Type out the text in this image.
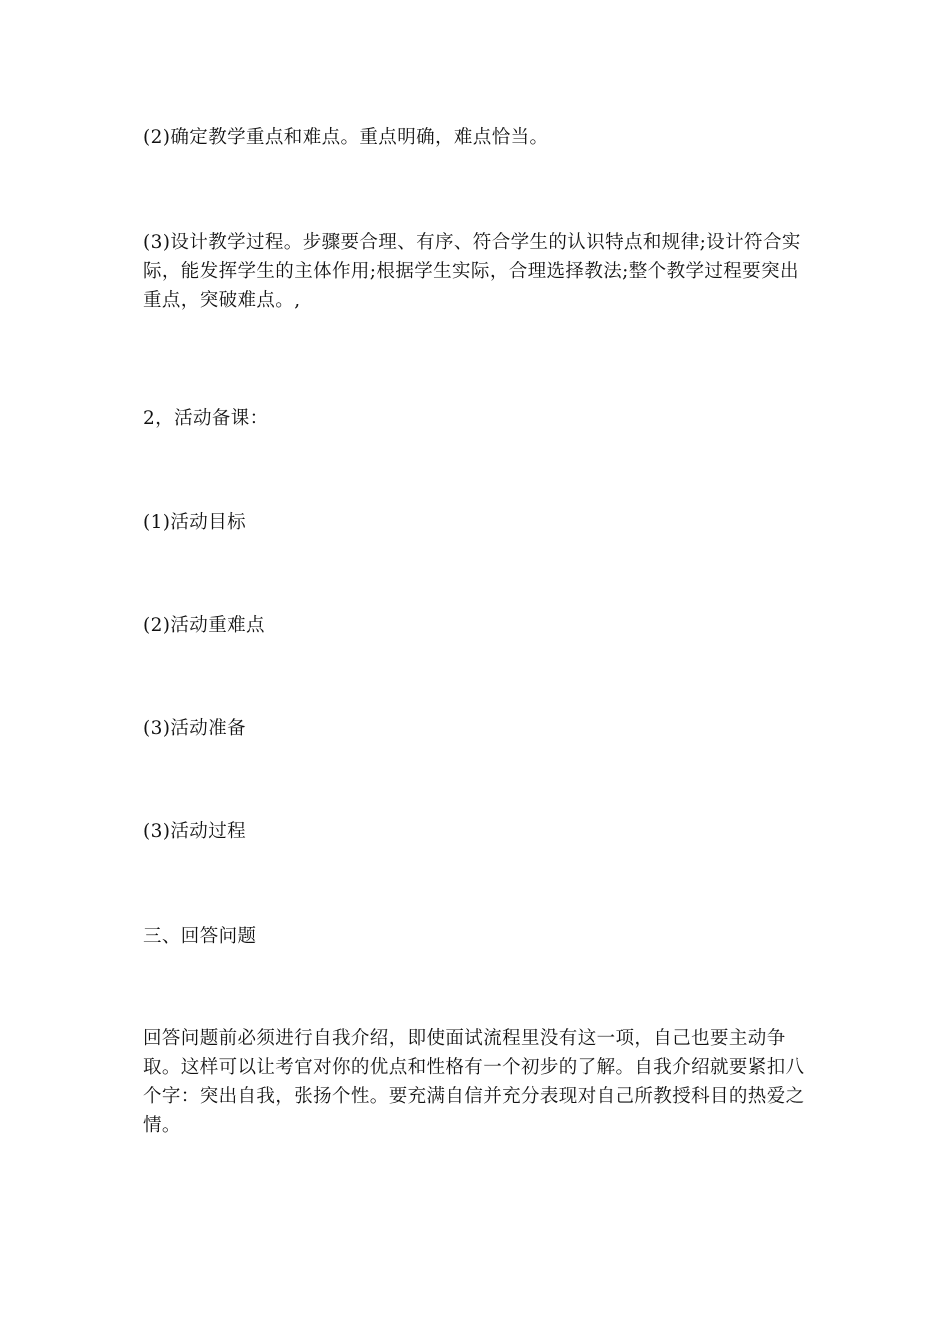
(2)确定教学重点和难点。重点明确，难点恰当。

(3)设计教学过程。步骤要合理、有序、符合学生的认识特点和规律;设计符合实际，能发挥学生的主体作用;根据学生实际，合理选择教法;整个教学过程要突出重点，突破难点。,

2，活动备课：

(1)活动目标

(2)活动重难点

(3)活动准备

(3)活动过程

三、回答问题

回答问题前必须进行自我介绍，即使面试流程里没有这一项，自己也要主动争取。这样可以让考官对你的优点和性格有一个初步的了解。自我介绍就要紧扣八个字：突出自我，张扬个性。要充满自信并充分表现对自己所教授科目的热爱之情。
